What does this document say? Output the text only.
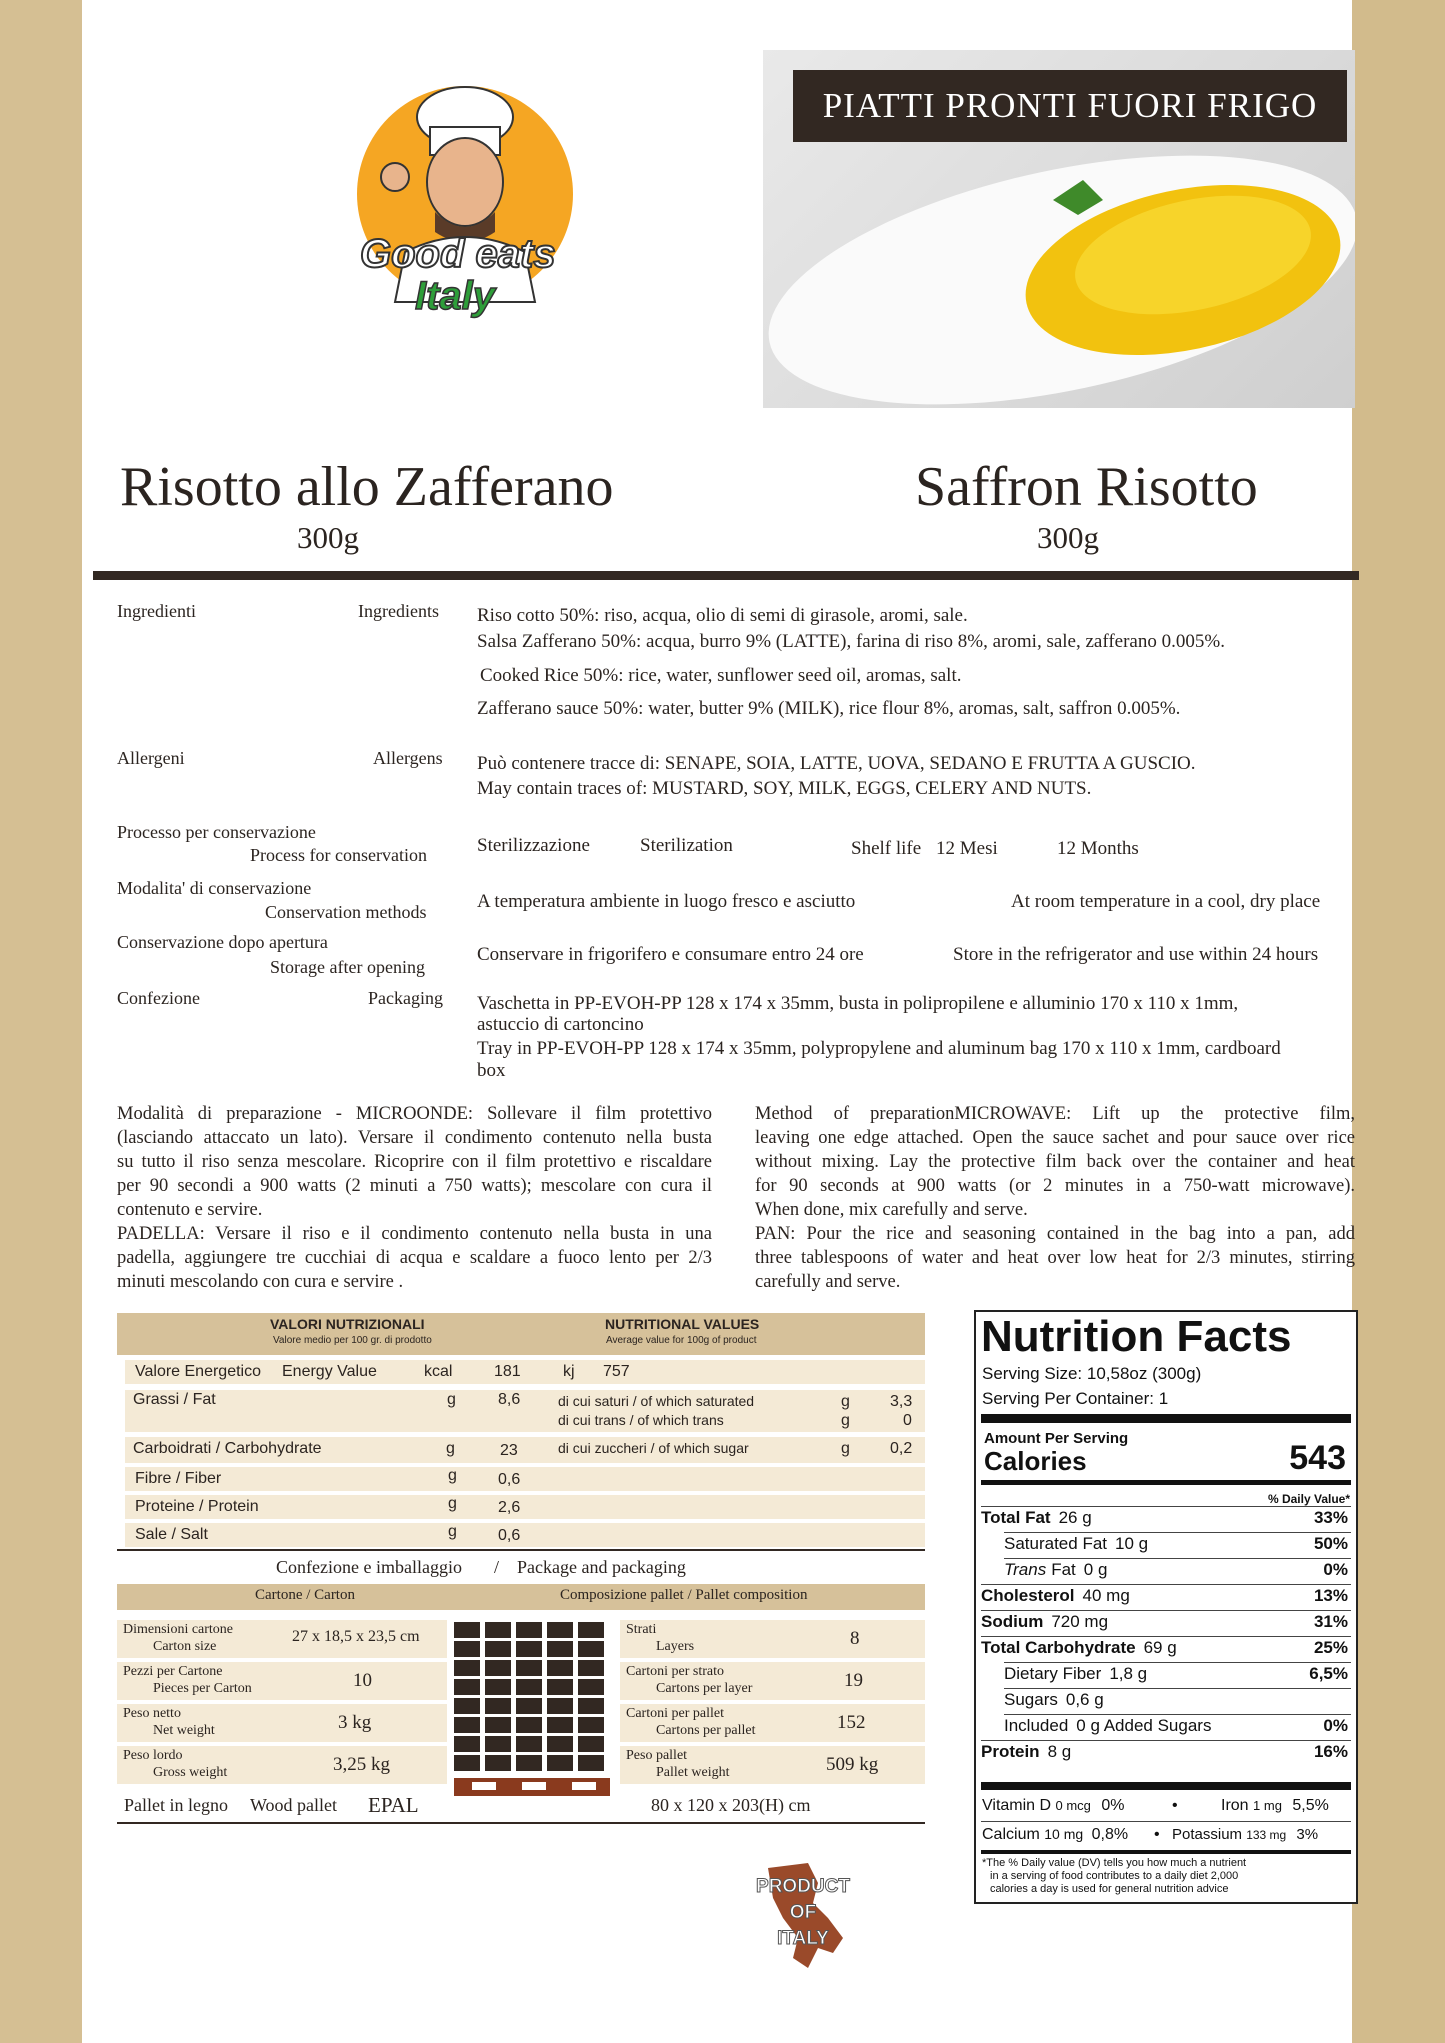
Good eats
Italy
PIATTI PRONTI FUORI FRIGO
Risotto allo Zafferano	Saffron Risotto
300g	300g
Ingredienti	Ingredients Riso cotto 50%: riso, acqua, olio di semi di girasole, aromi, sale.
Salsa Zafferano 50%: acqua, burro 9% (LATTE), farina di riso 8%, aromi, sale, zafferano 0.005%.
Cooked Rice 50%: rice, water, sunflower seed oil, aromas, salt.
Zafferano sauce 50%: water, butter 9% (MILK), rice flour 8%, aromas, salt, saffron 0.005%.
Allergeni	Allergens Può contenere tracce di: SENAPE, SOIA, LATTE, UOVA, SEDANO E FRUTTA A GUSCIO.
May contain traces of: MUSTARD, SOY, MILK, EGGS, CELERY AND NUTS.
Processo per conservazione
Process for conservation	Sterilizzazione	Sterilization	Shelf life 12 Mesi	12 Months
Modalita' di conservazione
Conservation methods	A temperatura ambiente in luogo fresco e asciutto	At room temperature in a cool, dry place
Conservazione dopo apertura
Storage after opening
Conservare in frigorifero e consumare entro 24 ore	Store in the refrigerator and use within 24 hours
Confezione	Packaging Vaschetta in PP-EVOH-PP 128 x 174 x 35mm, busta in polipropilene e alluminio 170 x 110 x 1mm,
astuccio di cartoncino
Tray in PP-EVOH-PP 128 x 174 x 35mm, polypropylene and aluminum bag 170 x 110 x 1mm, cardboard
box
Modalità di preparazione - MICROONDE: Sollevare il film protettivo
(lasciando attaccato un lato). Versare il condimento contenuto nella busta
su tutto il riso senza mescolare. Ricoprire con il film protettivo e riscaldare
per 90 secondi a 900 watts (2 minuti a 750 watts); mescolare con cura il
contenuto e servire.
PADELLA: Versare il riso e il condimento contenuto nella busta in una
padella, aggiungere tre cucchiai di acqua e scaldare a fuoco lento per 2/3
minuti mescolando con cura e servire .
Method of preparationMICROWAVE: Lift up the protective film,
leaving one edge attached. Open the sauce sachet and pour sauce over rice
without mixing. Lay the protective film back over the container and heat
for 90 seconds at 900 watts (or 2 minutes in a 750-watt microwave).
When done, mix carefully and serve.
PAN: Pour the rice and seasoning contained in the bag into a pan, add
three tablespoons of water and heat over low heat for 2/3 minutes, stirring
carefully and serve.
VALORI NUTRIZIONALI
Valore medio per 100 gr. di prodotto
NUTRITIONAL VALUES
Average value for 100g of product
Valore Energetico Energy Value	kcal	181	kj 757
Grassi / Fat	g	8,6	di cui saturi / of which saturated	g	3,3
di cui trans / of which trans	g	0
Carboidrati / Carbohydrate	g	23	di cui zuccheri / of which sugar	g	0,2
Fibre / Fiber	g	0,6
Proteine / Protein	g	2,6
Sale / Salt	g	0,6
Confezione e imballaggio / Package and packaging
Cartone / Carton	Composizione pallet / Pallet composition
Dimensioni cartone
Carton size
27 x 18,5 x 23,5 cm
Pezzi per Cartone
Pieces per Carton	10
Peso netto
Net weight	3 kg
Peso lordo
Gross weight	3,25 kg
Strati
Layers	8
Cartoni per strato
Cartons per layer	19
Cartoni per pallet
Cartons per pallet	152
Peso pallet
Pallet weight	509 kg
Pallet in legno Wood pallet EPAL	80 x 120 x 203(H) cm
Nutrition Facts
Serving Size: 10,58oz (300g)
Serving Per Container: 1
Amount Per Serving
Calories	543
% Daily Value*
Total Fat 26 g	33%
Saturated Fat 10 g	50%
Trans Fat 0 g	0%
Cholesterol 40 mg	13%
Sodium 720 mg	31%
Total Carbohydrate 69 g	25%
Dietary Fiber 1,8 g	6,5%
Sugars 0,6 g
Included 0 g Added Sugars	0%
Protein 8 g	16%
Vitamin D 0 mcg 0%	•	Iron 1 mg 5,5%
Calcium 10 mg 0,8% • Potassium 133 mg 3%
*The % Daily value (DV) tells you how much a nutrient
in a serving of food contributes to a daily diet 2,000
calories a day is used for general nutrition advice
PRODUCT
OF
ITALY
